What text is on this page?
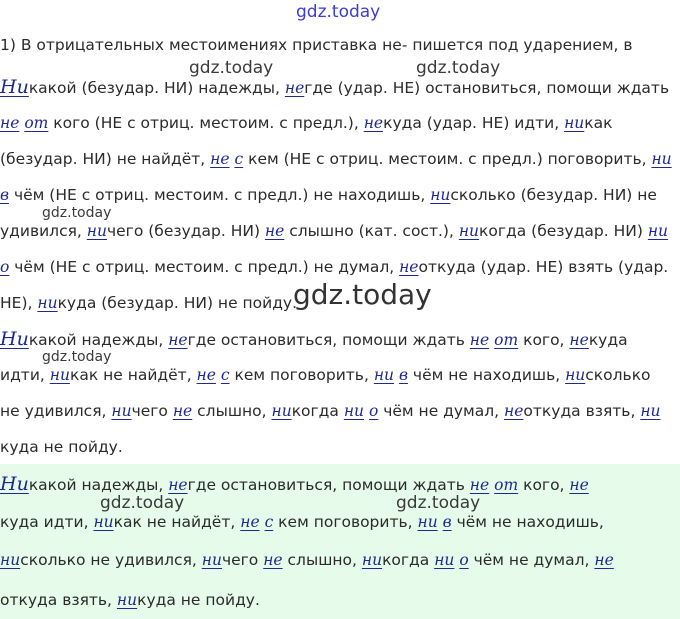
1) В отрицательных местоимениях приставка не- пишется под ударением, в
Никакой (безудар. НИ) надежды, негде (удар. НЕ) остановиться, помощи ждать
не от кого (НЕ с отриц. местоим. с предл.), некуда (удар. НЕ) идти, никак
(безудар. НИ) не найдёт, не с кем (НЕ с отриц. местоим. с предл.) поговорить, ни
в чём (НЕ с отриц. местоим. с предл.) не находишь, нисколько (безудар. НИ) не
удивился, ничего (безудар. НИ) не слышно (кат. сост.), никогда (безудар. НИ) ни
о чём (НЕ с отриц. местоим. с предл.) не думал, неоткуда (удар. НЕ) взять (удар.
НЕ), никуда (безудар. НИ) не пойду.
Никакой надежды, негде остановиться, помощи ждать не от кого, некуда
идти, никак не найдёт, не с кем поговорить, ни в чём не находишь, нисколько
не удивился, ничего не слышно, никогда ни о чём не думал, неоткуда взять, ни
куда не пойду.
Никакой надежды, негде остановиться, помощи ждать не от кого, не
куда идти, никак не найдёт, не с кем поговорить, ни в чём не находишь,
нисколько не удивился, ничего не слышно, никогда ни о чём не думал, не
откуда взять, никуда не пойду.
gdz.today
gdz.today	gdz.today
gdz.today
gdz.today
gdz.today
gdz.today	gdz.today
